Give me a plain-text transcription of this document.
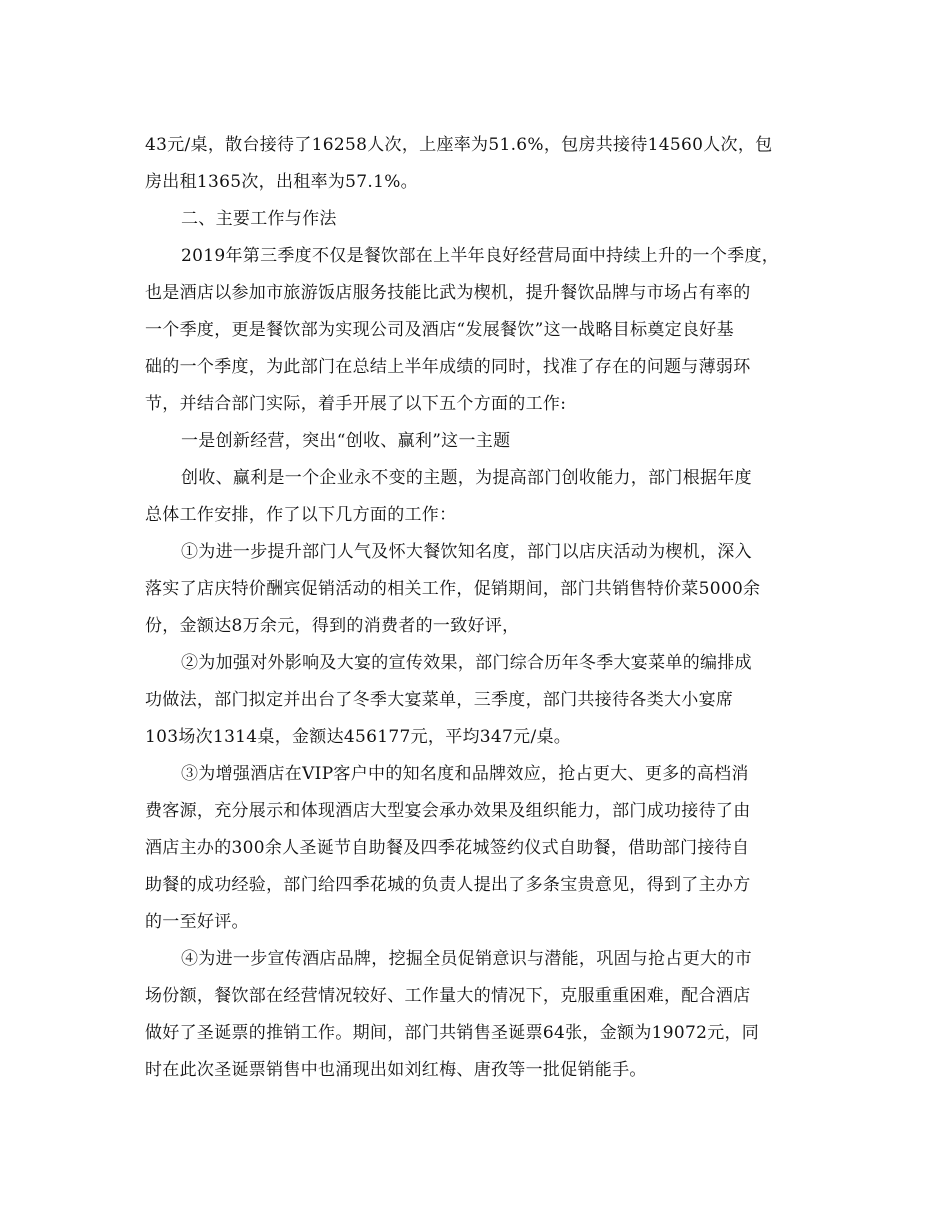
43元/桌，散台接待了16258人次，上座率为51.6%，包房共接待14560人次，包
房出租1365次，出租率为57.1%。
二、主要工作与作法
2019年第三季度不仅是餐饮部在上半年良好经营局面中持续上升的一个季度，
也是酒店以参加市旅游饭店服务技能比武为楔机，提升餐饮品牌与市场占有率的
一个季度，更是餐饮部为实现公司及酒店“发展餐饮”这一战略目标奠定良好基
础的一个季度，为此部门在总结上半年成绩的同时，找准了存在的问题与薄弱环
节，并结合部门实际，着手开展了以下五个方面的工作:
一是创新经营，突出“创收、赢利”这一主题
创收、赢利是一个企业永不变的主题，为提高部门创收能力，部门根据年度
总体工作安排，作了以下几方面的工作：
①为进一步提升部门人气及怀大餐饮知名度，部门以店庆活动为楔机，深入
落实了店庆特价酬宾促销活动的相关工作，促销期间，部门共销售特价菜5000余
份，金额达8万余元，得到的消费者的一致好评，
②为加强对外影响及大宴的宣传效果，部门综合历年冬季大宴菜单的编排成
功做法，部门拟定并出台了冬季大宴菜单，三季度，部门共接待各类大小宴席
103场次1314桌，金额达456177元，平均347元/桌。
③为增强酒店在VIP客户中的知名度和品牌效应，抢占更大、更多的高档消
费客源，充分展示和体现酒店大型宴会承办效果及组织能力，部门成功接待了由
酒店主办的300余人圣诞节自助餐及四季花城签约仪式自助餐，借助部门接待自
助餐的成功经验，部门给四季花城的负责人提出了多条宝贵意见，得到了主办方
的一至好评。
④为进一步宣传酒店品牌，挖掘全员促销意识与潜能，巩固与抢占更大的市
场份额，餐饮部在经营情况较好、工作量大的情况下，克服重重困难，配合酒店
做好了圣诞票的推销工作。期间，部门共销售圣诞票64张，金额为19072元，同
时在此次圣诞票销售中也涌现出如刘红梅、唐孜等一批促销能手。
